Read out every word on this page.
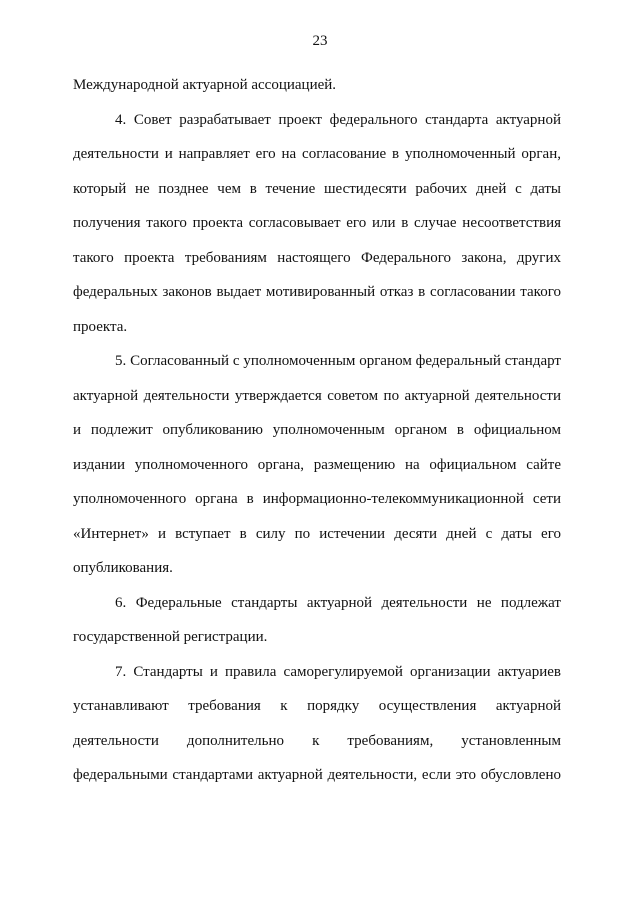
23
Международной актуарной ассоциацией.
4. Совет разрабатывает проект федерального стандарта актуарной
деятельности и направляет его на согласование в уполномоченный орган,
который не позднее чем в течение шестидесяти рабочих дней с даты
получения такого проекта согласовывает его или в случае несоответствия
такого проекта требованиям настоящего Федерального закона, других
федеральных законов выдает мотивированный отказ в согласовании такого
проекта.
5. Согласованный с уполномоченным органом федеральный стандарт
актуарной деятельности утверждается советом по актуарной деятельности
и подлежит опубликованию уполномоченным органом в официальном
издании уполномоченного органа, размещению на официальном сайте
уполномоченного органа в информационно-телекоммуникационной сети
«Интернет» и вступает в силу по истечении десяти дней с даты его
опубликования.
6. Федеральные стандарты актуарной деятельности не подлежат
государственной регистрации.
7. Стандарты и правила саморегулируемой организации актуариев
устанавливают требования к порядку осуществления актуарной
деятельности дополнительно к требованиям, установленным
федеральными стандартами актуарной деятельности, если это обусловлено
